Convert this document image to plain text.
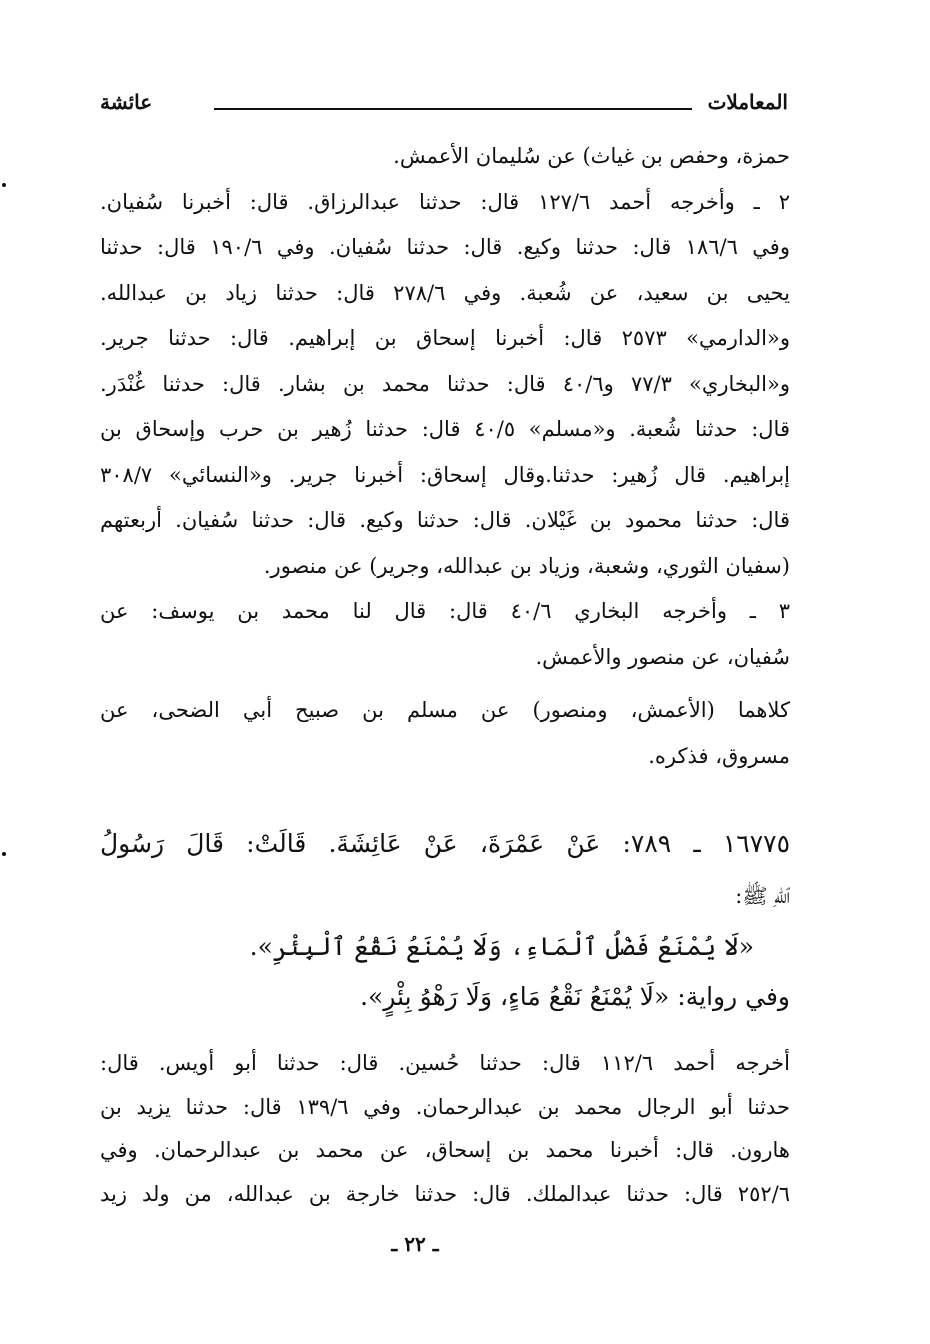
المعاملات
عائشة
حمزة، وحفص بن غياث) عن سُليمان الأعمش.
٢ ـ وأخرجه أحمد ١٢٧/٦ قال: حدثنا عبدالرزاق. قال: أخبرنا سُفيان.
وفي ١٨٦/٦ قال: حدثنا وكيع. قال: حدثنا سُفيان. وفي ١٩٠/٦ قال: حدثنا
يحيى بن سعيد، عن شُعبة. وفي ٢٧٨/٦ قال: حدثنا زياد بن عبدالله.
و«الدارمي» ٢٥٧٣ قال: أخبرنا إسحاق بن إبراهيم. قال: حدثنا جرير.
و«البخاري» ٧٧/٣ و٤٠/٦ قال: حدثنا محمد بن بشار. قال: حدثنا غُنْدَر.
قال: حدثنا شُعبة. و«مسلم» ٤٠/٥ قال: حدثنا زُهير بن حرب وإسحاق بن
إبراهيم. قال زُهير: حدثنا.وقال إسحاق: أخبرنا جرير. و«النسائي» ٣٠٨/٧
قال: حدثنا محمود بن غَيْلان. قال: حدثنا وكيع. قال: حدثنا سُفيان. أربعتهم
(سفيان الثوري، وشعبة، وزياد بن عبدالله، وجرير) عن منصور.
٣ ـ وأخرجه البخاري ٤٠/٦ قال: قال لنا محمد بن يوسف: عن
سُفيان، عن منصور والأعمش.
كلاهما (الأعمش، ومنصور) عن مسلم بن صبيح أبي الضحى، عن
مسروق، فذكره.
١٦٧٧٥ ـ ٧٨٩: عَنْ عَمْرَةَ، عَنْ عَائِشَةَ. قَالَتْ: قَالَ رَسُولُ
ٱللهِ ﷺ:
«لَا يُمْنَعُ فَضْلُ ٱلْمَاءِ، وَلَا يُمْنَعُ نَقْعُ ٱلْبِئْرِ».
وفي رواية: «لَا يُمْنَعُ نَقْعُ مَاءٍ، وَلَا رَهْوُ بِئْرٍ».
أخرجه أحمد ١١٢/٦ قال: حدثنا حُسين. قال: حدثنا أبو أويس. قال:
حدثنا أبو الرجال محمد بن عبدالرحمان. وفي ١٣٩/٦ قال: حدثنا يزيد بن
هارون. قال: أخبرنا محمد بن إسحاق، عن محمد بن عبدالرحمان. وفي
٢٥٢/٦ قال: حدثنا عبدالملك. قال: حدثنا خارجة بن عبدالله، من ولد زيد
ـ ٢٢ ـ
